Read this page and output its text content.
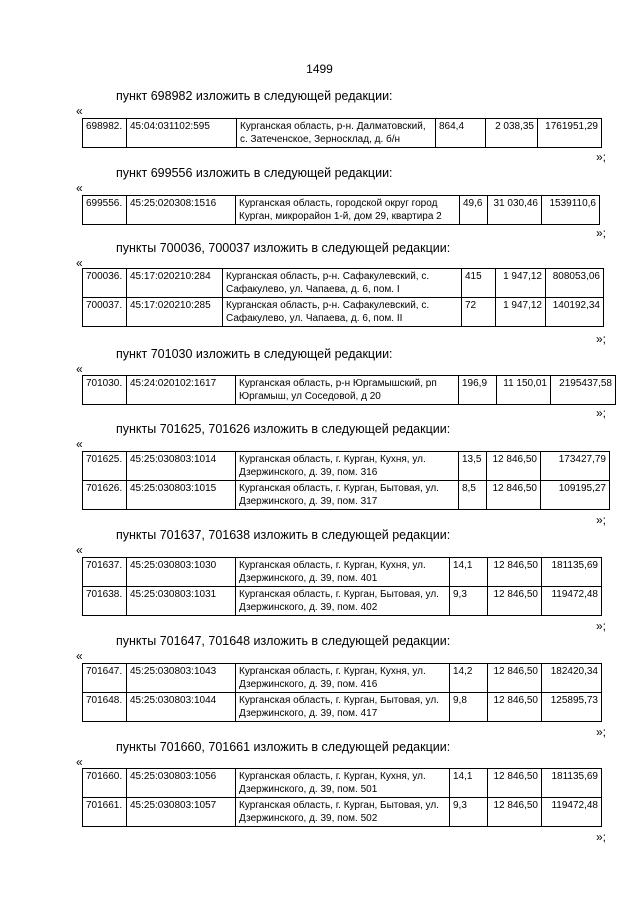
1499
пункт 698982 изложить в следующей редакции:
«
698982.	45:04:031102:595	Курганская область, р-н. Далматовский, с. Затеченское, Зерносклад, д. б/н	864,4	2 038,35	1761951,29
»;
пункт 699556 изложить в следующей редакции:
«
699556.	45:25:020308:1516	Курганская область, городской округ город Курган, микрорайон 1-й, дом 29, квартира 2	49,6	31 030,46	1539110,6
»;
пункты 700036, 700037 изложить в следующей редакции:
«
700036.	45:17:020210:284	Курганская область, р-н. Сафакулевский, с. Сафакулево, ул. Чапаева, д. 6, пом. I	415	1 947,12	808053,06
700037.	45:17:020210:285	Курганская область, р-н. Сафакулевский, с. Сафакулево, ул. Чапаева, д. 6, пом. II	72	1 947,12	140192,34
»;
пункт 701030 изложить в следующей редакции:
«
701030.	45:24:020102:1617	Курганская область, р-н Юргамышский, рп Юргамыш, ул Соседовой, д 20	196,9	11 150,01	2195437,58
»;
пункты 701625, 701626 изложить в следующей редакции:
«
701625.	45:25:030803:1014	Курганская область, г. Курган, Кухня, ул. Дзержинского, д. 39, пом. 316	13,5	12 846,50	173427,79
701626.	45:25:030803:1015	Курганская область, г. Курган, Бытовая, ул. Дзержинского, д. 39, пом. 317	8,5	12 846,50	109195,27
»;
пункты 701637, 701638 изложить в следующей редакции:
«
701637.	45:25:030803:1030	Курганская область, г. Курган, Кухня, ул. Дзержинского, д. 39, пом. 401	14,1	12 846,50	181135,69
701638.	45:25:030803:1031	Курганская область, г. Курган, Бытовая, ул. Дзержинского, д. 39, пом. 402	9,3	12 846,50	119472,48
»;
пункты 701647, 701648 изложить в следующей редакции:
«
701647.	45:25:030803:1043	Курганская область, г. Курган, Кухня, ул. Дзержинского, д. 39, пом. 416	14,2	12 846,50	182420,34
701648.	45:25:030803:1044	Курганская область, г. Курган, Бытовая, ул. Дзержинского, д. 39, пом. 417	9,8	12 846,50	125895,73
»;
пункты 701660, 701661 изложить в следующей редакции:
«
701660.	45:25:030803:1056	Курганская область, г. Курган, Кухня, ул. Дзержинского, д. 39, пом. 501	14,1	12 846,50	181135,69
701661.	45:25:030803:1057	Курганская область, г. Курган, Бытовая, ул. Дзержинского, д. 39, пом. 502	9,3	12 846,50	119472,48
»;
